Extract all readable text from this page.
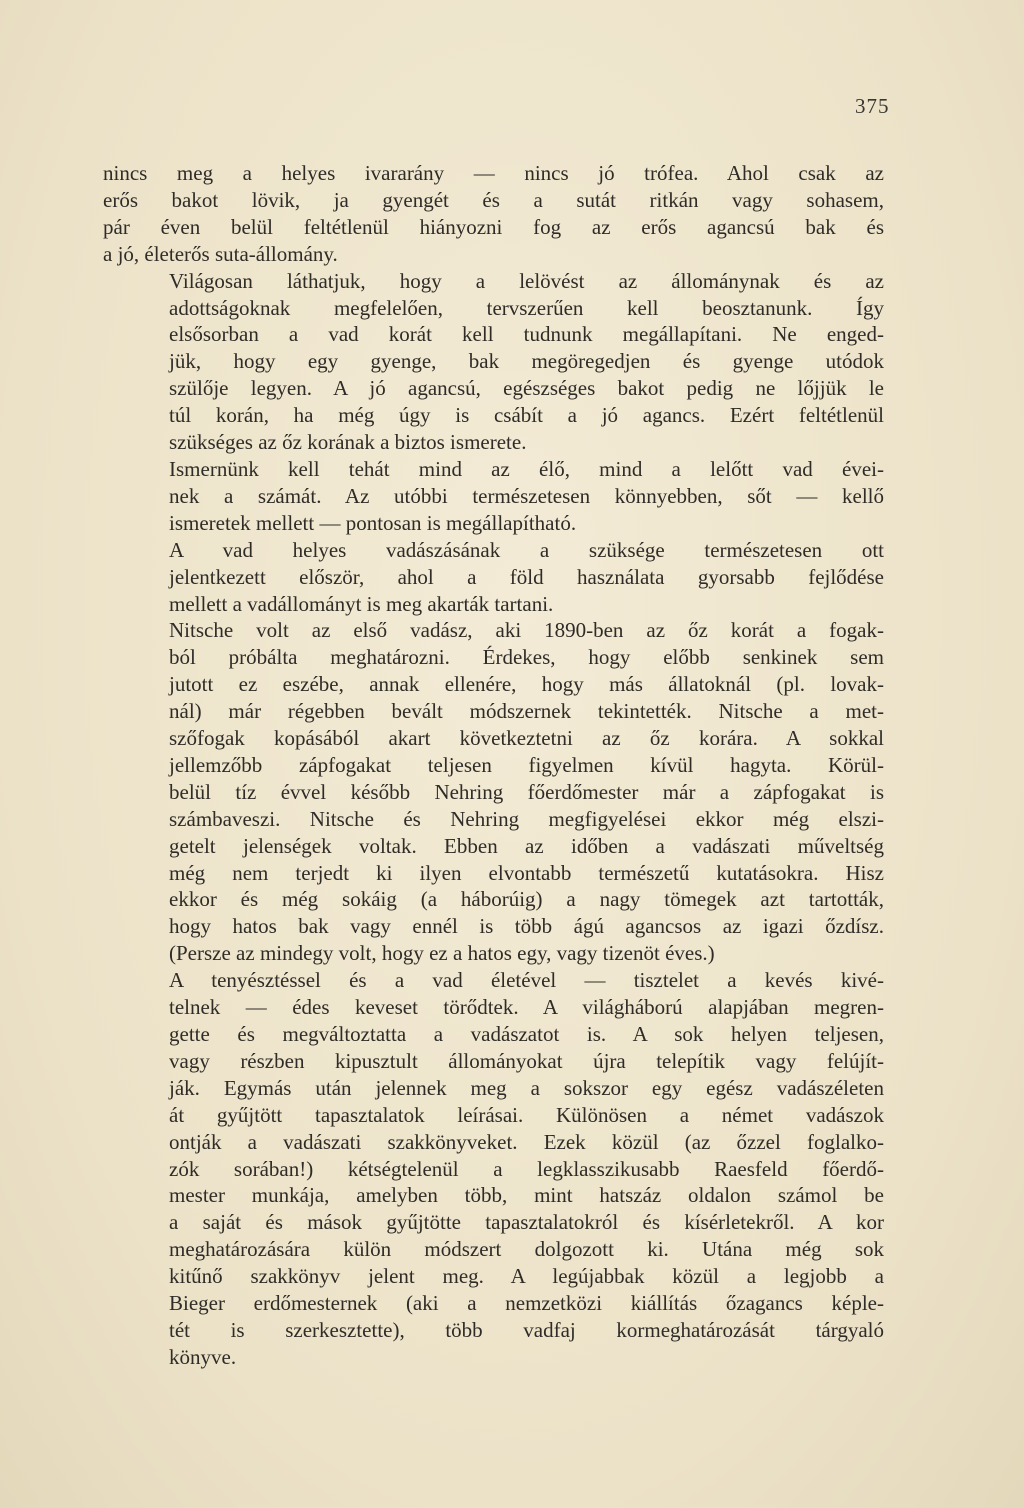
375

nincs meg a helyes ivararány — nincs jó trófea. Ahol csak az
erős bakot lövik, ja gyengét és a sutát ritkán vagy sohasem,
pár éven belül feltétlenül hiányozni fog az erős agancsú bak és
a jó, életerős suta-állomány.

Világosan láthatjuk, hogy a lelövést az állománynak és az
adottságoknak megfelelően, tervszerűen kell beosztanunk. Így
elsősorban a vad korát kell tudnunk megállapítani. Ne enged-
jük, hogy egy gyenge, bak megöregedjen és gyenge utódok
szülője legyen. A jó agancsú, egészséges bakot pedig ne lőjjük le
túl korán, ha még úgy is csábít a jó agancs. Ezért feltétlenül
szükséges az őz korának a biztos ismerete.

Ismernünk kell tehát mind az élő, mind a lelőtt vad évei-
nek a számát. Az utóbbi természetesen könnyebben, sőt — kellő
ismeretek mellett — pontosan is megállapítható.

A vad helyes vadászásának a szüksége természetesen ott
jelentkezett először, ahol a föld használata gyorsabb fejlődése
mellett a vadállományt is meg akarták tartani.

Nitsche volt az első vadász, aki 1890-ben az őz korát a fogak-
ból próbálta meghatározni. Érdekes, hogy előbb senkinek sem
jutott ez eszébe, annak ellenére, hogy más állatoknál (pl. lovak-
nál) már régebben bevált módszernek tekintették. Nitsche a met-
szőfogak kopásából akart következtetni az őz korára. A sokkal
jellemzőbb zápfogakat teljesen figyelmen kívül hagyta. Körül-
belül tíz évvel később Nehring főerdőmester már a zápfogakat is
számbaveszi. Nitsche és Nehring megfigyelései ekkor még elszi-
getelt jelenségek voltak. Ebben az időben a vadászati műveltség
még nem terjedt ki ilyen elvontabb természetű kutatásokra. Hisz
ekkor és még sokáig (a háborúig) a nagy tömegek azt tartották,
hogy hatos bak vagy ennél is több ágú agancsos az igazi őzdísz.
(Persze az mindegy volt, hogy ez a hatos egy, vagy tizenöt éves.)

A tenyésztéssel és a vad életével — tisztelet a kevés kivé-
telnek — édes keveset törődtek. A világháború alapjában megren-
gette és megváltoztatta a vadászatot is. A sok helyen teljesen,
vagy részben kipusztult állományokat újra telepítik vagy felújít-
ják. Egymás után jelennek meg a sokszor egy egész vadászéleten
át gyűjtött tapasztalatok leírásai. Különösen a német vadászok
ontják a vadászati szakkönyveket. Ezek közül (az őzzel foglalko-
zók sorában!) kétségtelenül a legklasszikusabb Raesfeld főerdő-
mester munkája, amelyben több, mint hatszáz oldalon számol be
a saját és mások gyűjtötte tapasztalatokról és kísérletekről. A kor
meghatározására külön módszert dolgozott ki. Utána még sok
kitűnő szakkönyv jelent meg. A legújabbak közül a legjobb a
Bieger erdőmesternek (aki a nemzetközi kiállítás őzagancs képle-
tét is szerkesztette), több vadfaj kormeghatározását tárgyaló
könyve.
